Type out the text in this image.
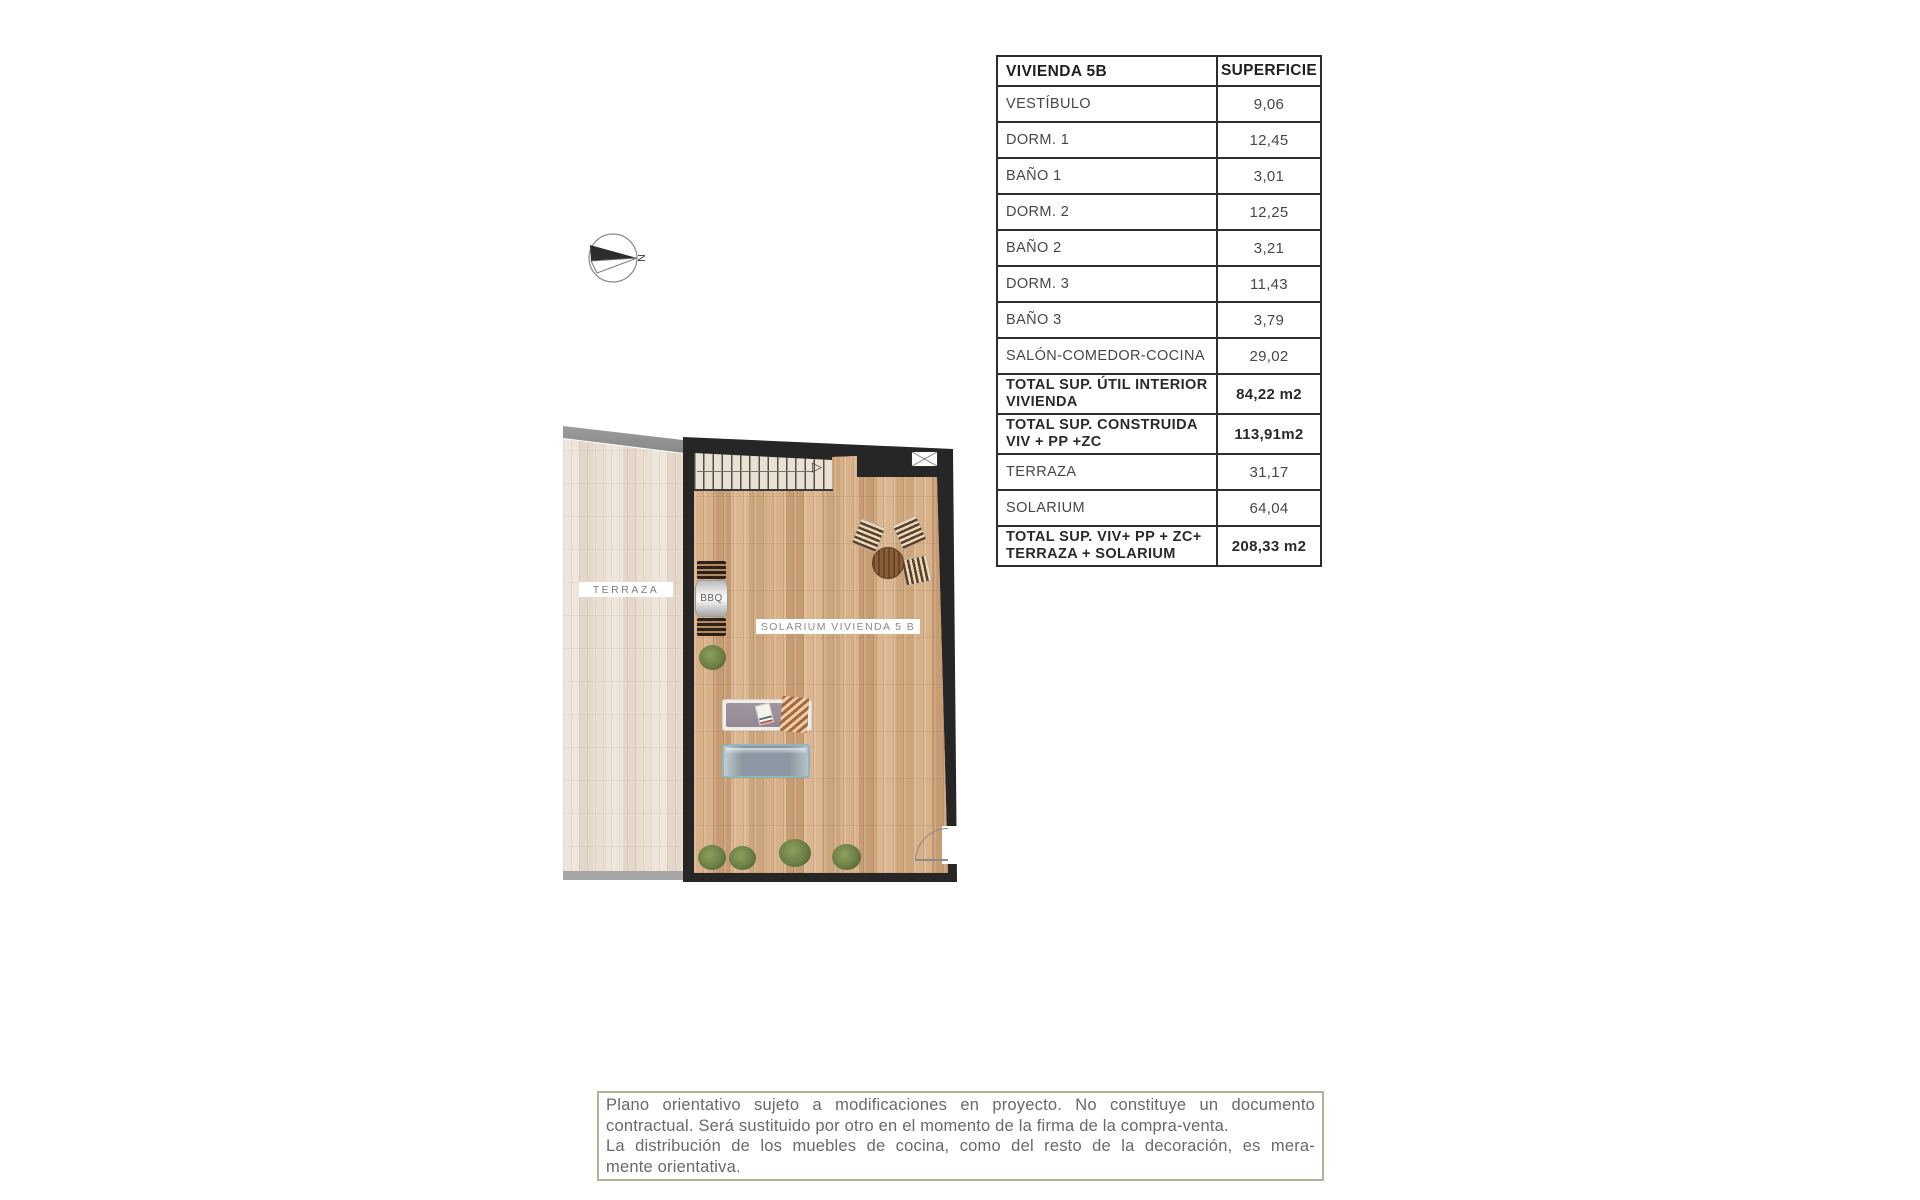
N
▷
BBQ
TERRAZA
SOLARIUM VIVIENDA 5 B
VIVIENDA 5B	SUPERFICIE
VESTÍBULO	9,06
DORM. 1	12,45
BAÑO 1	3,01
DORM. 2	12,25
BAÑO 2	3,21
DORM. 3	11,43
BAÑO 3	3,79
SALÓN-COMEDOR-COCINA	29,02
TOTAL SUP. ÚTIL INTERIOR VIVIENDA	84,22 m2
TOTAL SUP. CONSTRUIDA VIV + PP +ZC	113,91m2
TERRAZA	31,17
SOLARIUM	64,04
TOTAL SUP. VIV+ PP + ZC+ TERRAZA + SOLARIUM	208,33 m2
Plano orientativo sujeto a modificaciones en proyecto. No constituye un documento
contractual. Será sustituido por otro en el momento de la firma de la compra-venta.
La distribución de los muebles de cocina, como del resto de la decoración, es mera-
mente orientativa.
